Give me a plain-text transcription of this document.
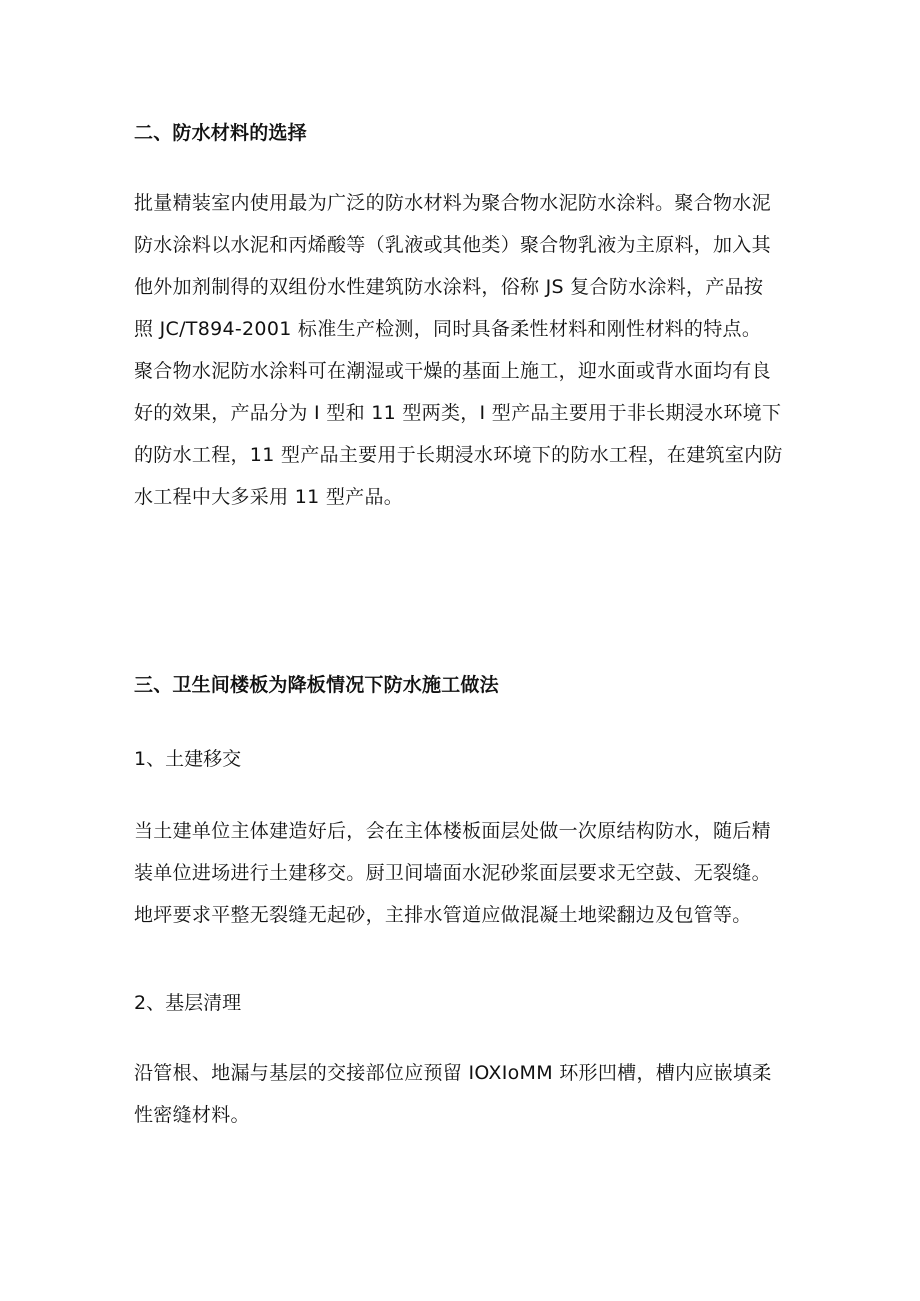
二、防水材料的选择
批量精装室内使用最为广泛的防水材料为聚合物水泥防水涂料。聚合物水泥
防水涂料以水泥和丙烯酸等（乳液或其他类）聚合物乳液为主原料，加入其
他外加剂制得的双组份水性建筑防水涂料，俗称 JS 复合防水涂料，产品按
照 JC/T894-2001 标准生产检测，同时具备柔性材料和刚性材料的特点。
聚合物水泥防水涂料可在潮湿或干燥的基面上施工，迎水面或背水面均有良
好的效果，产品分为 I 型和 11 型两类，I 型产品主要用于非长期浸水环境下
的防水工程，11 型产品主要用于长期浸水环境下的防水工程，在建筑室内防
水工程中大多采用 11 型产品。
三、卫生间楼板为降板情况下防水施工做法
1、土建移交
当土建单位主体建造好后，会在主体楼板面层处做一次原结构防水，随后精
装单位进场进行土建移交。厨卫间墙面水泥砂浆面层要求无空鼓、无裂缝。
地坪要求平整无裂缝无起砂，主排水管道应做混凝土地梁翻边及包管等。
2、基层清理
沿管根、地漏与基层的交接部位应预留 IOXIoMM 环形凹槽，槽内应嵌填柔
性密缝材料。
